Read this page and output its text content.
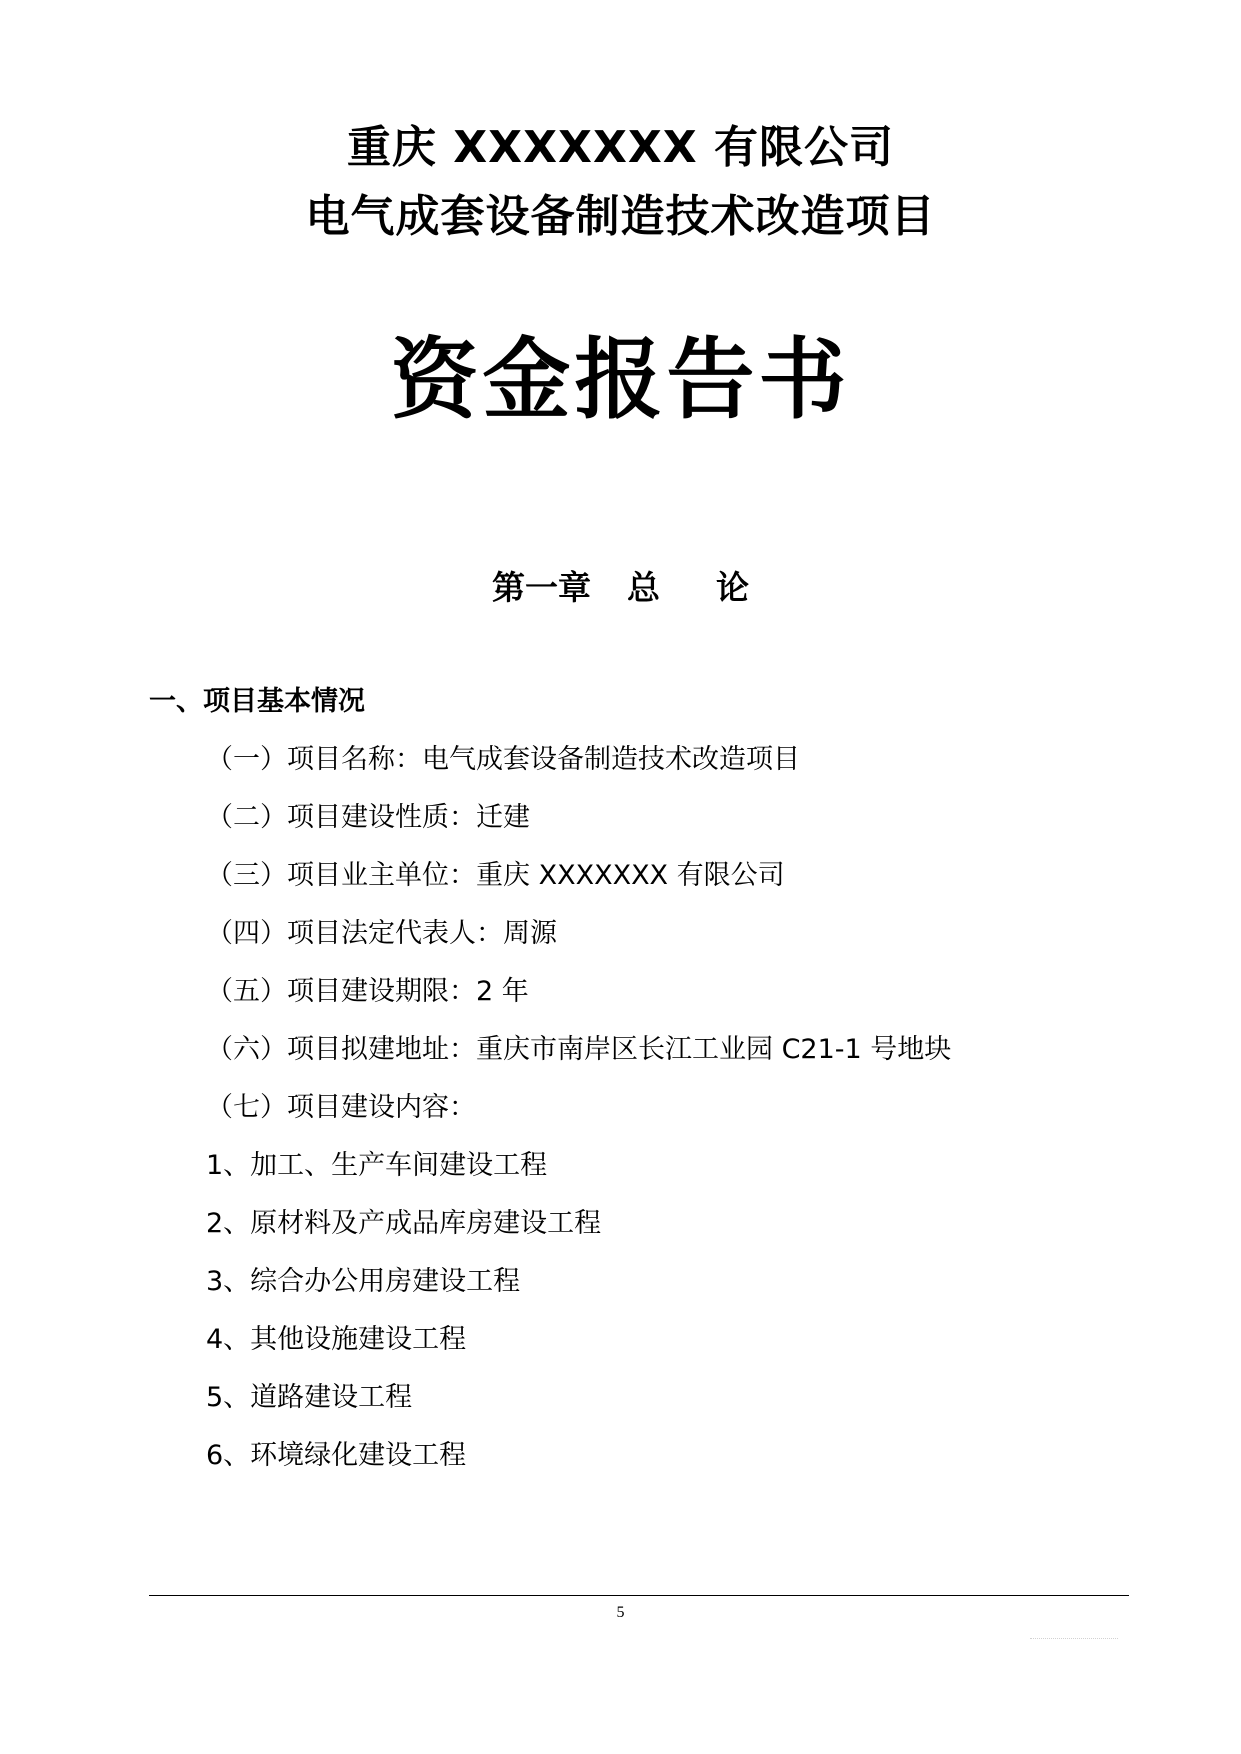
重庆 XXXXXXX 有限公司
电气成套设备制造技术改造项目
资金报告书
第一章 总 论
一、项目基本情况
（一）项目名称：电气成套设备制造技术改造项目
（二）项目建设性质：迁建
（三）项目业主单位：重庆 XXXXXXX 有限公司
（四）项目法定代表人：周源
（五）项目建设期限：2 年
（六）项目拟建地址：重庆市南岸区长江工业园 C21-1 号地块
（七）项目建设内容：
1、加工、生产车间建设工程
2、原材料及产成品库房建设工程
3、综合办公用房建设工程
4、其他设施建设工程
5、道路建设工程
6、环境绿化建设工程
5
